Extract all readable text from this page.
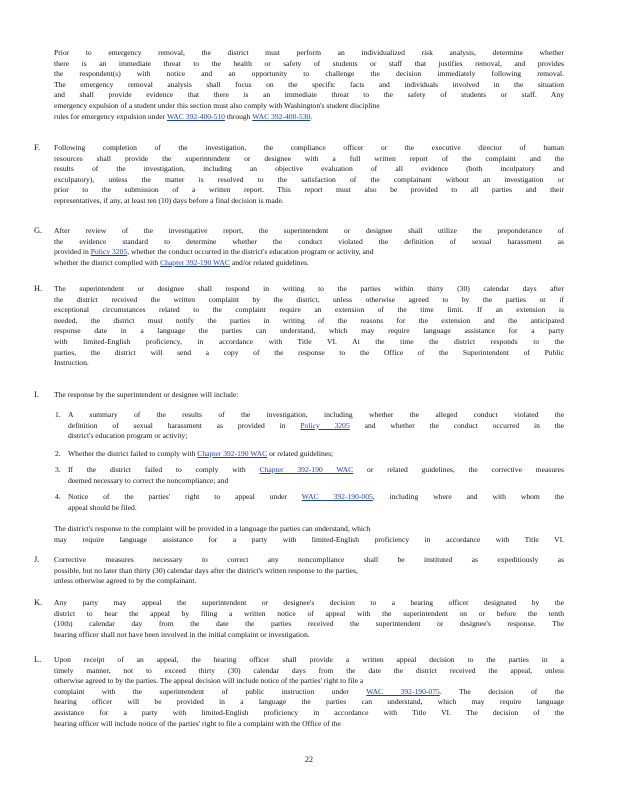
Prior to emergency removal, the district must perform an individualized risk analysis, determine whether
there is an immediate threat to the health or safety of students or staff that justifies removal, and provides
the respondent(s) with notice and an opportunity to challenge the decision immediately following removal.
The emergency removal analysis shall focus on the specific facts and individuals involved in the situation
and shall provide evidence that there is an immediate threat to the safety of students or staff. Any
emergency expulsion of a student under this section must also comply with Washington's student discipline
rules for emergency expulsion under WAC 392-400-510 through WAC 392-400-530.
F. Following completion of the investigation, the compliance officer or the executive director of human
resources shall provide the superintendent or designee with a full written report of the complaint and the
results of the investigation, including an objective evaluation of all evidence (both inculpatory and
exculpatory), unless the matter is resolved to the satisfaction of the complainant without an investigation or
prior to the submission of a written report. This report must also be provided to all parties and their
representatives, if any, at least ten (10) days before a final decision is made.
G. After review of the investigative report, the superintendent or designee shall utilize the preponderance of
the evidence standard to determine whether the conduct violated the definition of sexual harassment as
provided in Policy 3205, whether the conduct occurred in the district's education program or activity, and
whether the district complied with Chapter 392-190 WAC and/or related guidelines.
H. The superintendent or designee shall respond in writing to the parties within thirty (30) calendar days after
the district received the written complaint by the district, unless otherwise agreed to by the parties or if
exceptional circumstances related to the complaint require an extension of the time limit. If an extension is
needed, the district must notify the parties in writing of the reasons for the extension and the anticipated
response date in a language the parties can understand, which may require language assistance for a party
with limited-English proficiency, in accordance with Title VI. At the time the district responds to the
parties, the district will send a copy of the response to the Office of the Superintendent of Public
Instruction.
I. The response by the superintendent or designee will include:
1. A summary of the results of the investigation, including whether the alleged conduct violated the
definition of sexual harassment as provided in Policy 3205 and whether the conduct occurred in the
district's education program or activity;
2. Whether the district failed to comply with Chapter 392-190 WAC or related guidelines;
3. If the district failed to comply with Chapter 392-190 WAC or related guidelines, the corrective measures
deemed necessary to correct the noncompliance; and
4. Notice of the parties' right to appeal under WAC 392-190-005, including where and with whom the
appeal should be filed.
The district's response to the complaint will be provided in a language the parties can understand, which
may require language assistance for a party with limited-English proficiency in accordance with Title VI.
J. Corrective measures necessary to correct any noncompliance shall be instituted as expeditiously as
possible, but no later than thirty (30) calendar days after the district's written response to the parties,
unless otherwise agreed to by the complainant.
K. Any party may appeal the superintendent or designee's decision to a hearing officer designated by the
district to hear the appeal by filing a written notice of appeal with the superintendent on or before the tenth
(10th) calendar day from the date the parties received the superintendent or designee's response. The
hearing officer shall not have been involved in the initial complaint or investigation.
L. Upon receipt of an appeal, the hearing officer shall provide a written appeal decision to the parties in a
timely manner, not to exceed thirty (30) calendar days from the date the district received the appeal, unless
otherwise agreed to by the parties. The appeal decision will include notice of the parties' right to file a
complaint with the superintendent of public instruction under WAC 392-190-075. The decision of the
hearing officer will be provided in a language the parties can understand, which may require language
assistance for a party with limited-English proficiency in accordance with Title VI. The decision of the
hearing officer will include notice of the parties' right to file a complaint with the Office of the
22
